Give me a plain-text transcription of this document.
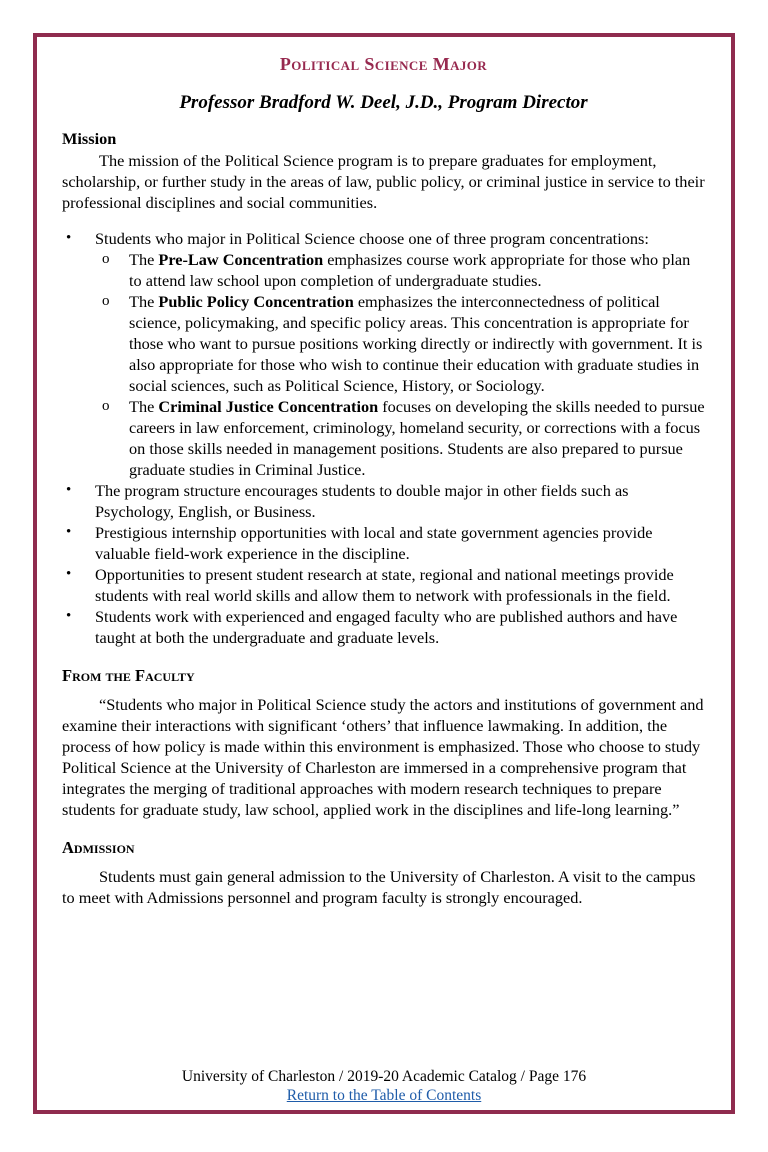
Political Science Major
Professor Bradford W. Deel, J.D., Program Director
Mission

The mission of the Political Science program is to prepare graduates for employment, scholarship, or further study in the areas of law, public policy, or criminal justice in service to their professional disciplines and social communities.

•	Students who major in Political Science choose one of three program concentrations:
o	The Pre-Law Concentration emphasizes course work appropriate for those who plan to attend law school upon completion of undergraduate studies.
o	The Public Policy Concentration emphasizes the interconnectedness of political science, policymaking, and specific policy areas. This concentration is appropriate for those who want to pursue positions working directly or indirectly with government. It is also appropriate for those who wish to continue their education with graduate studies in social sciences, such as Political Science, History, or Sociology.
o	The Criminal Justice Concentration focuses on developing the skills needed to pursue careers in law enforcement, criminology, homeland security, or corrections with a focus on those skills needed in management positions. Students are also prepared to pursue graduate studies in Criminal Justice.
•	The program structure encourages students to double major in other fields such as Psychology, English, or Business.
•	Prestigious internship opportunities with local and state government agencies provide valuable field-work experience in the discipline.
•	Opportunities to present student research at state, regional and national meetings provide students with real world skills and allow them to network with professionals in the field.
•	Students work with experienced and engaged faculty who are published authors and have taught at both the undergraduate and graduate levels.
From the Faculty

“Students who major in Political Science study the actors and institutions of government and examine their interactions with significant ‘others’ that influence lawmaking. In addition, the process of how policy is made within this environment is emphasized. Those who choose to study Political Science at the University of Charleston are immersed in a comprehensive program that integrates the merging of traditional approaches with modern research techniques to prepare students for graduate study, law school, applied work in the disciplines and life-long learning.”

Admission

Students must gain general admission to the University of Charleston. A visit to the campus to meet with Admissions personnel and program faculty is strongly encouraged.

University of Charleston / 2019-20 Academic Catalog / Page 176
Return to the Table of Contents
